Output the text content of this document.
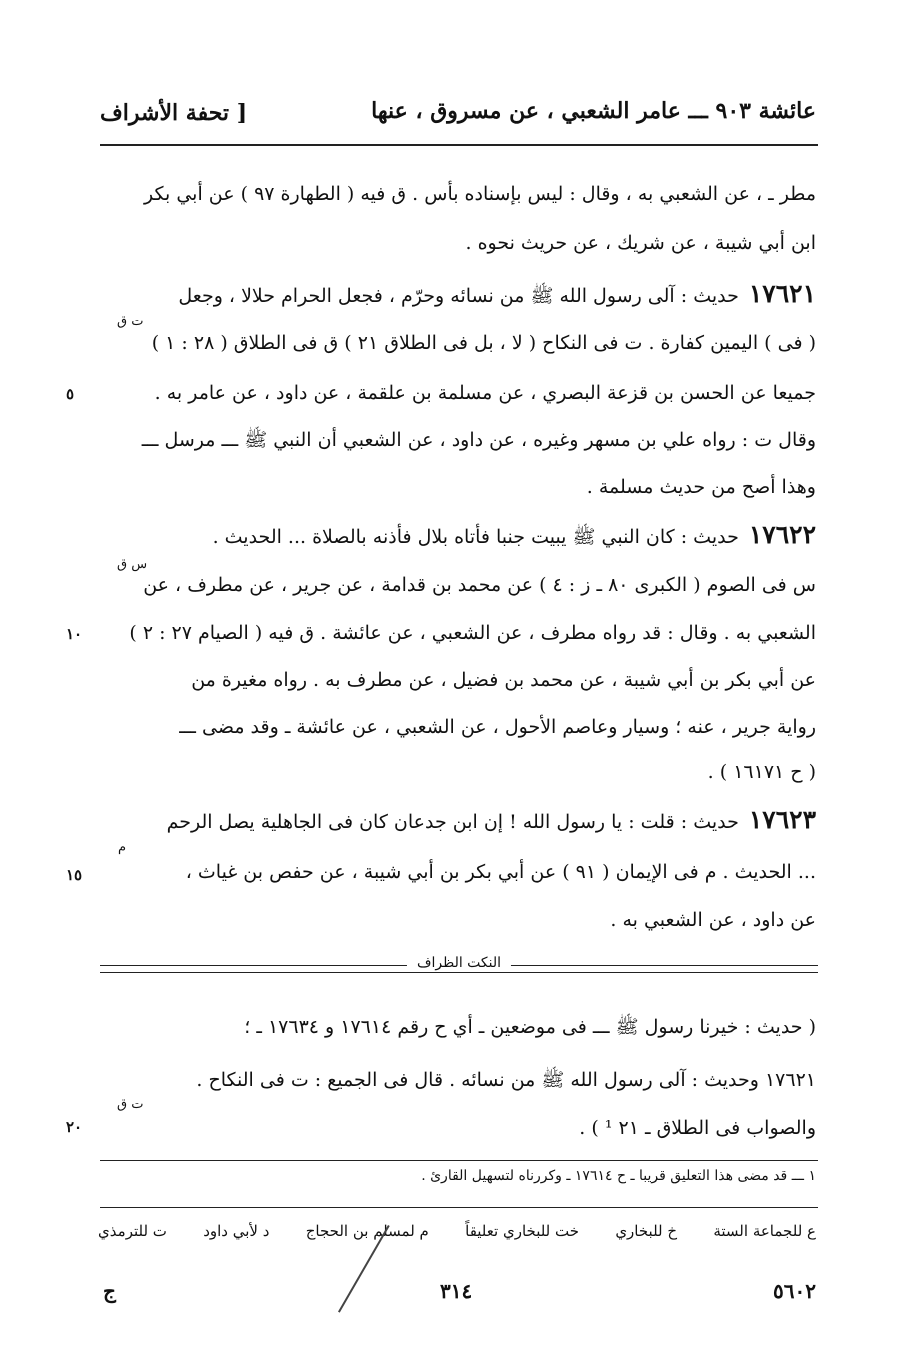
عائشة ٩٠٣ ـــ عامر الشعبي ، عن مسروق ، عنها
[ تحفة الأشراف
مطر ـ ، عن الشعبي به ، وقال : ليس بإسناده بأس . ق فيه ( الطهارة ٩٧ ) عن أبي بكر
ابن أبي شيبة ، عن شريك ، عن حريث نحوه .
١٧٦٢١حديث : آلى رسول الله ﷺ من نسائه وحرّم ، فجعل الحرام حلالا ، وجعل
( فى ) اليمين كفارة . ت فى النكاح ( لا ، بل فى الطلاق ٢١ ) ق فى الطلاق ( ٢٨ : ١ )
جميعا عن الحسن بن قزعة البصري ، عن مسلمة بن علقمة ، عن داود ، عن عامر به .
وقال ت : رواه علي بن مسهر وغيره ، عن داود ، عن الشعبي أن النبي ﷺ ـــ مرسل ـــ
وهذا أصح من حديث مسلمة .
١٧٦٢٢حديث : كان النبي ﷺ يبيت جنبا فأتاه بلال فأذنه بالصلاة ... الحديث .
س فى الصوم ( الكبرى ٨٠ ـ ز : ٤ ) عن محمد بن قدامة ، عن جرير ، عن مطرف ، عن
الشعبي به . وقال : قد رواه مطرف ، عن الشعبي ، عن عائشة . ق فيه ( الصيام ٢٧ : ٢ )
عن أبي بكر بن أبي شيبة ، عن محمد بن فضيل ، عن مطرف به . رواه مغيرة من
رواية جرير ، عنه ؛ وسيار وعاصم الأحول ، عن الشعبي ، عن عائشة ـ وقد مضى ـــ
( ح ١٦١٧١ ) .
١٧٦٢٣حديث : قلت : يا رسول الله ! إن ابن جدعان كان فى الجاهلية يصل الرحم
... الحديث . م فى الإيمان ( ٩١ ) عن أبي بكر بن أبي شيبة ، عن حفص بن غياث ،
عن داود ، عن الشعبي به .
ت ق
س ق
م
ت ق
٥
١٠
١٥
٢٠
النكت الظراف
( حديث : خيرنا رسول ﷺ ـــ فى موضعين ـ أي ح رقم ١٧٦١٤ و ١٧٦٣٤ ـ ؛
١٧٦٢١ وحديث : آلى رسول الله ﷺ من نسائه . قال فى الجميع : ت فى النكاح .
والصواب فى الطلاق ـ ٢١ ¹ ) .
١ ـــ قد مضى هذا التعليق قريبا ـ ح ١٧٦١٤ ـ وكررناه لتسهيل القارئ .
ع للجماعة الستة
خ للبخاري
خت للبخاري تعليقاً
م لمسلم بن الحجاج
د لأبي داود
ت للترمذي
٥٦٠٢
٣١٤
ج
